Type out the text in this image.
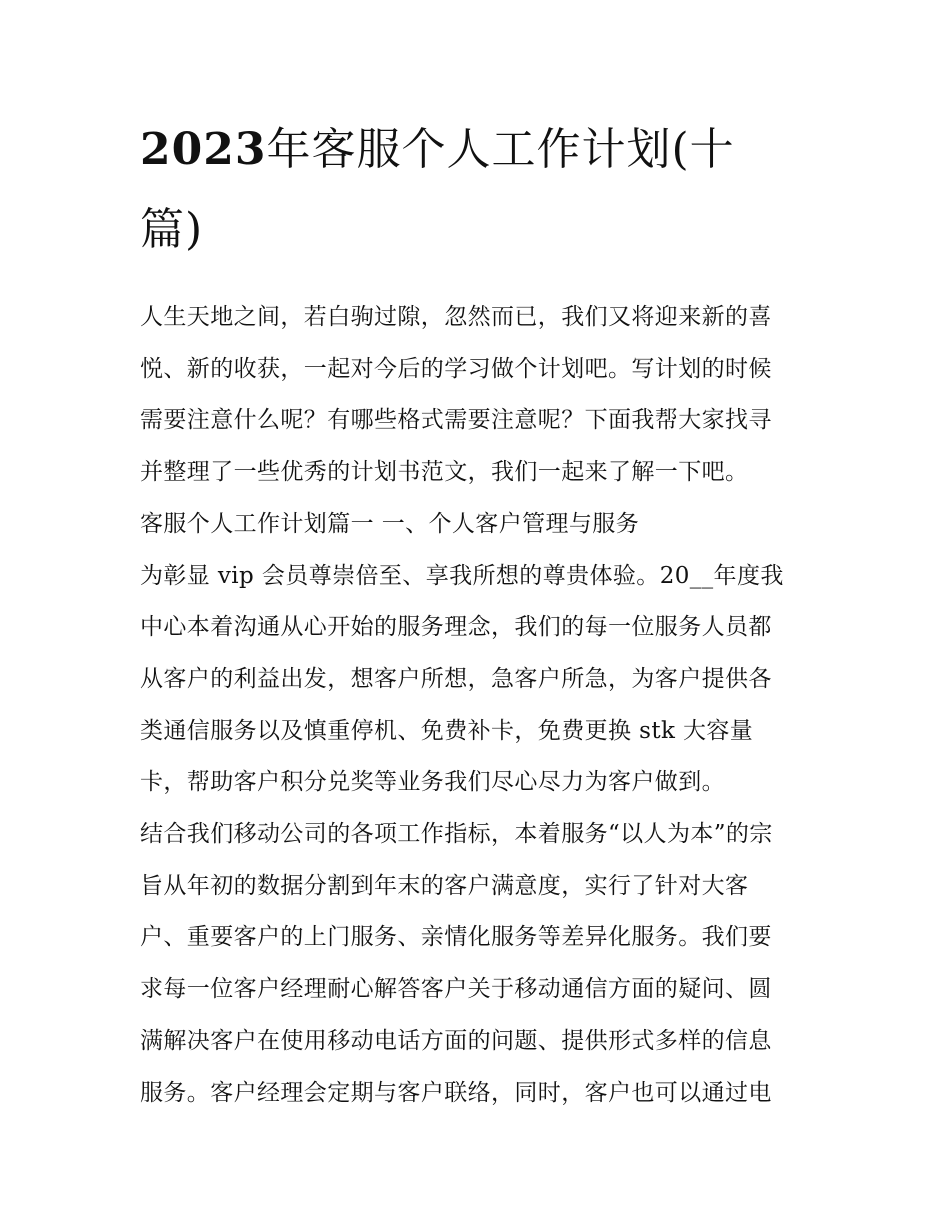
2023年客服个人工作计划(十
篇)
人生天地之间，若白驹过隙，忽然而已，我们又将迎来新的喜
悦、新的收获，一起对今后的学习做个计划吧。写计划的时候
需要注意什么呢？有哪些格式需要注意呢？下面我帮大家找寻
并整理了一些优秀的计划书范文，我们一起来了解一下吧。
客服个人工作计划篇一 一、个人客户管理与服务
为彰显 vip 会员尊崇倍至、享我所想的尊贵体验。20__年度我
中心本着沟通从心开始的服务理念，我们的每一位服务人员都
从客户的利益出发，想客户所想，急客户所急，为客户提供各
类通信服务以及慎重停机、免费补卡，免费更换 stk 大容量
卡，帮助客户积分兑奖等业务我们尽心尽力为客户做到。
结合我们移动公司的各项工作指标，本着服务“以人为本”的宗
旨从年初的数据分割到年末的客户满意度，实行了针对大客
户、重要客户的上门服务、亲情化服务等差异化服务。我们要
求每一位客户经理耐心解答客户关于移动通信方面的疑问、圆
满解决客户在使用移动电话方面的问题、提供形式多样的信息
服务。客户经理会定期与客户联络，同时，客户也可以通过电
